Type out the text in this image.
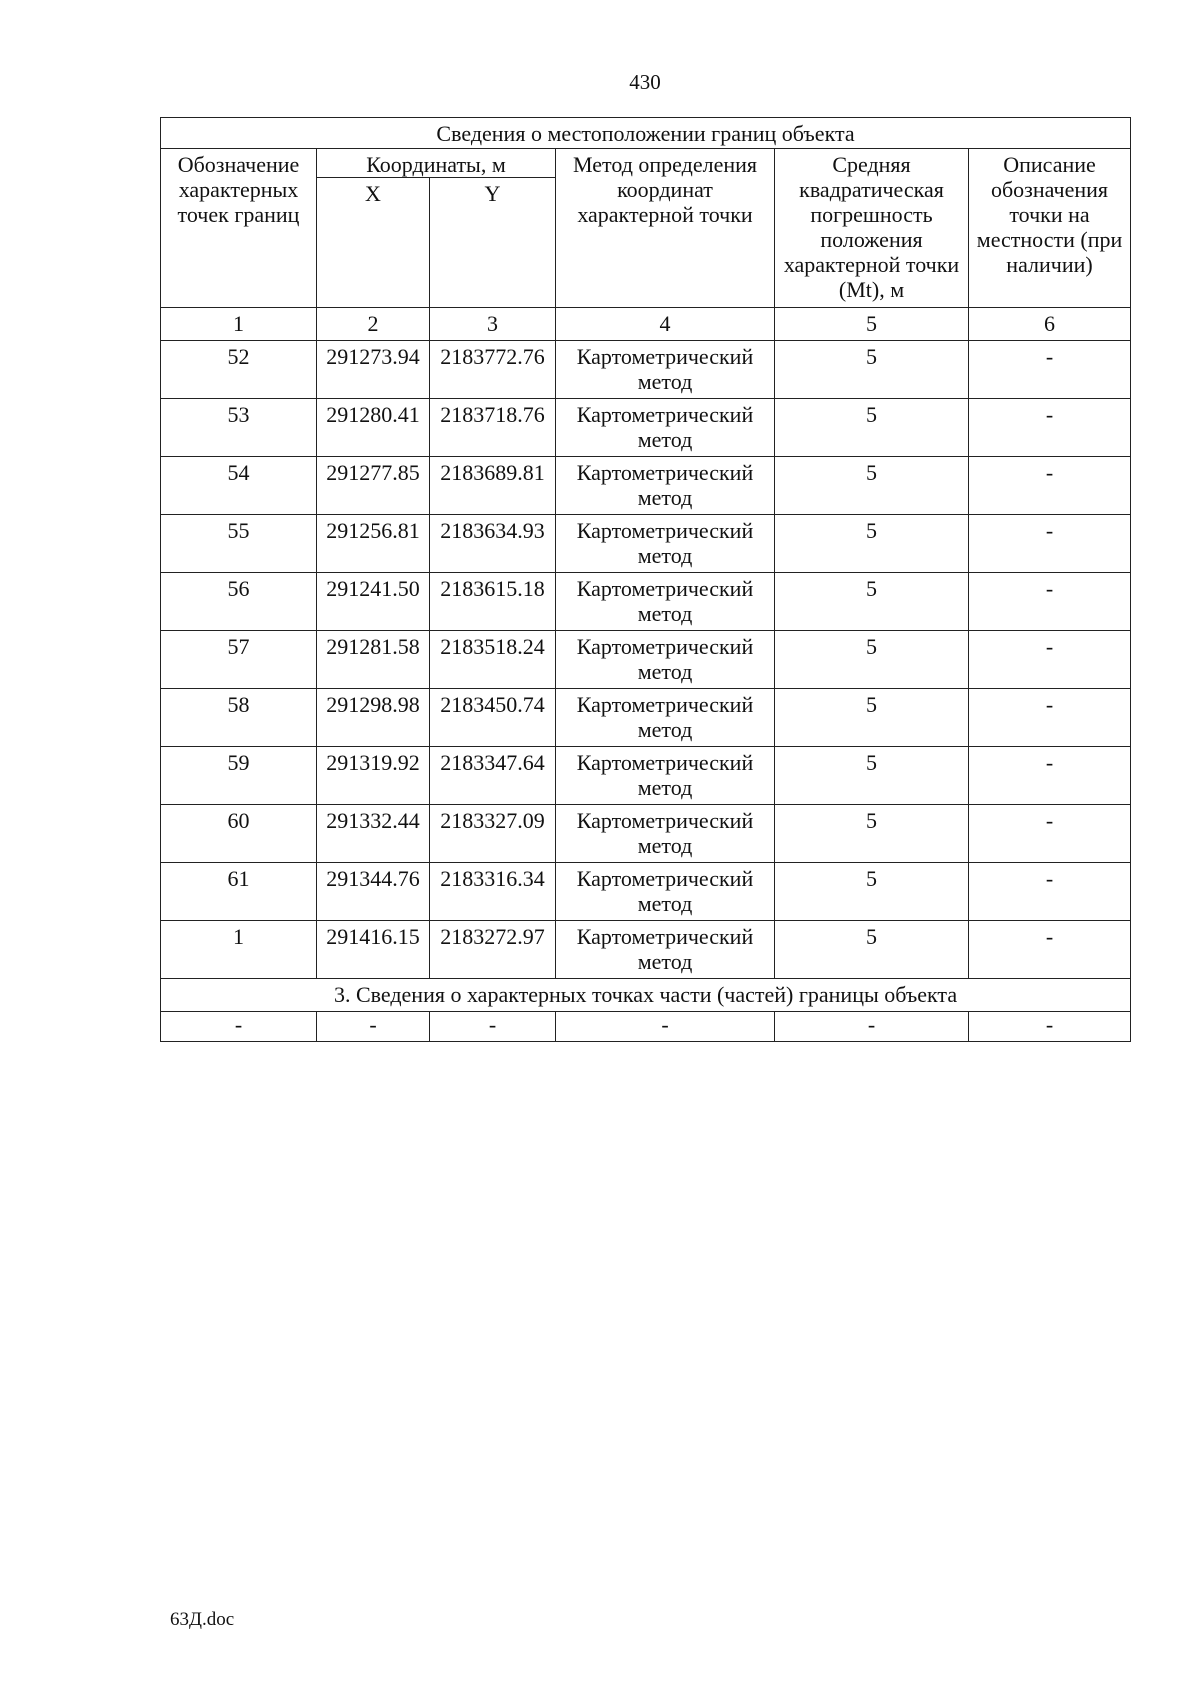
430
Сведения о местоположении границ объекта					
Обозначение характерных точек границ	Координаты, м		Метод определения координат характерной точки	Средняя квадратическая погрешность положения характерной точки (Mt), м	Описание обозначения точки на местности (при наличии)
	X	Y			
1	2	3	4	5	6
52	291273.94	2183772.76	Картометрический метод	5	-
53	291280.41	2183718.76	Картометрический метод	5	-
54	291277.85	2183689.81	Картометрический метод	5	-
55	291256.81	2183634.93	Картометрический метод	5	-
56	291241.50	2183615.18	Картометрический метод	5	-
57	291281.58	2183518.24	Картометрический метод	5	-
58	291298.98	2183450.74	Картометрический метод	5	-
59	291319.92	2183347.64	Картометрический метод	5	-
60	291332.44	2183327.09	Картометрический метод	5	-
61	291344.76	2183316.34	Картометрический метод	5	-
1	291416.15	2183272.97	Картометрический метод	5	-
3. Сведения о характерных точках части (частей) границы объекта					
-	-	-	-	-	-
63Д.doc
